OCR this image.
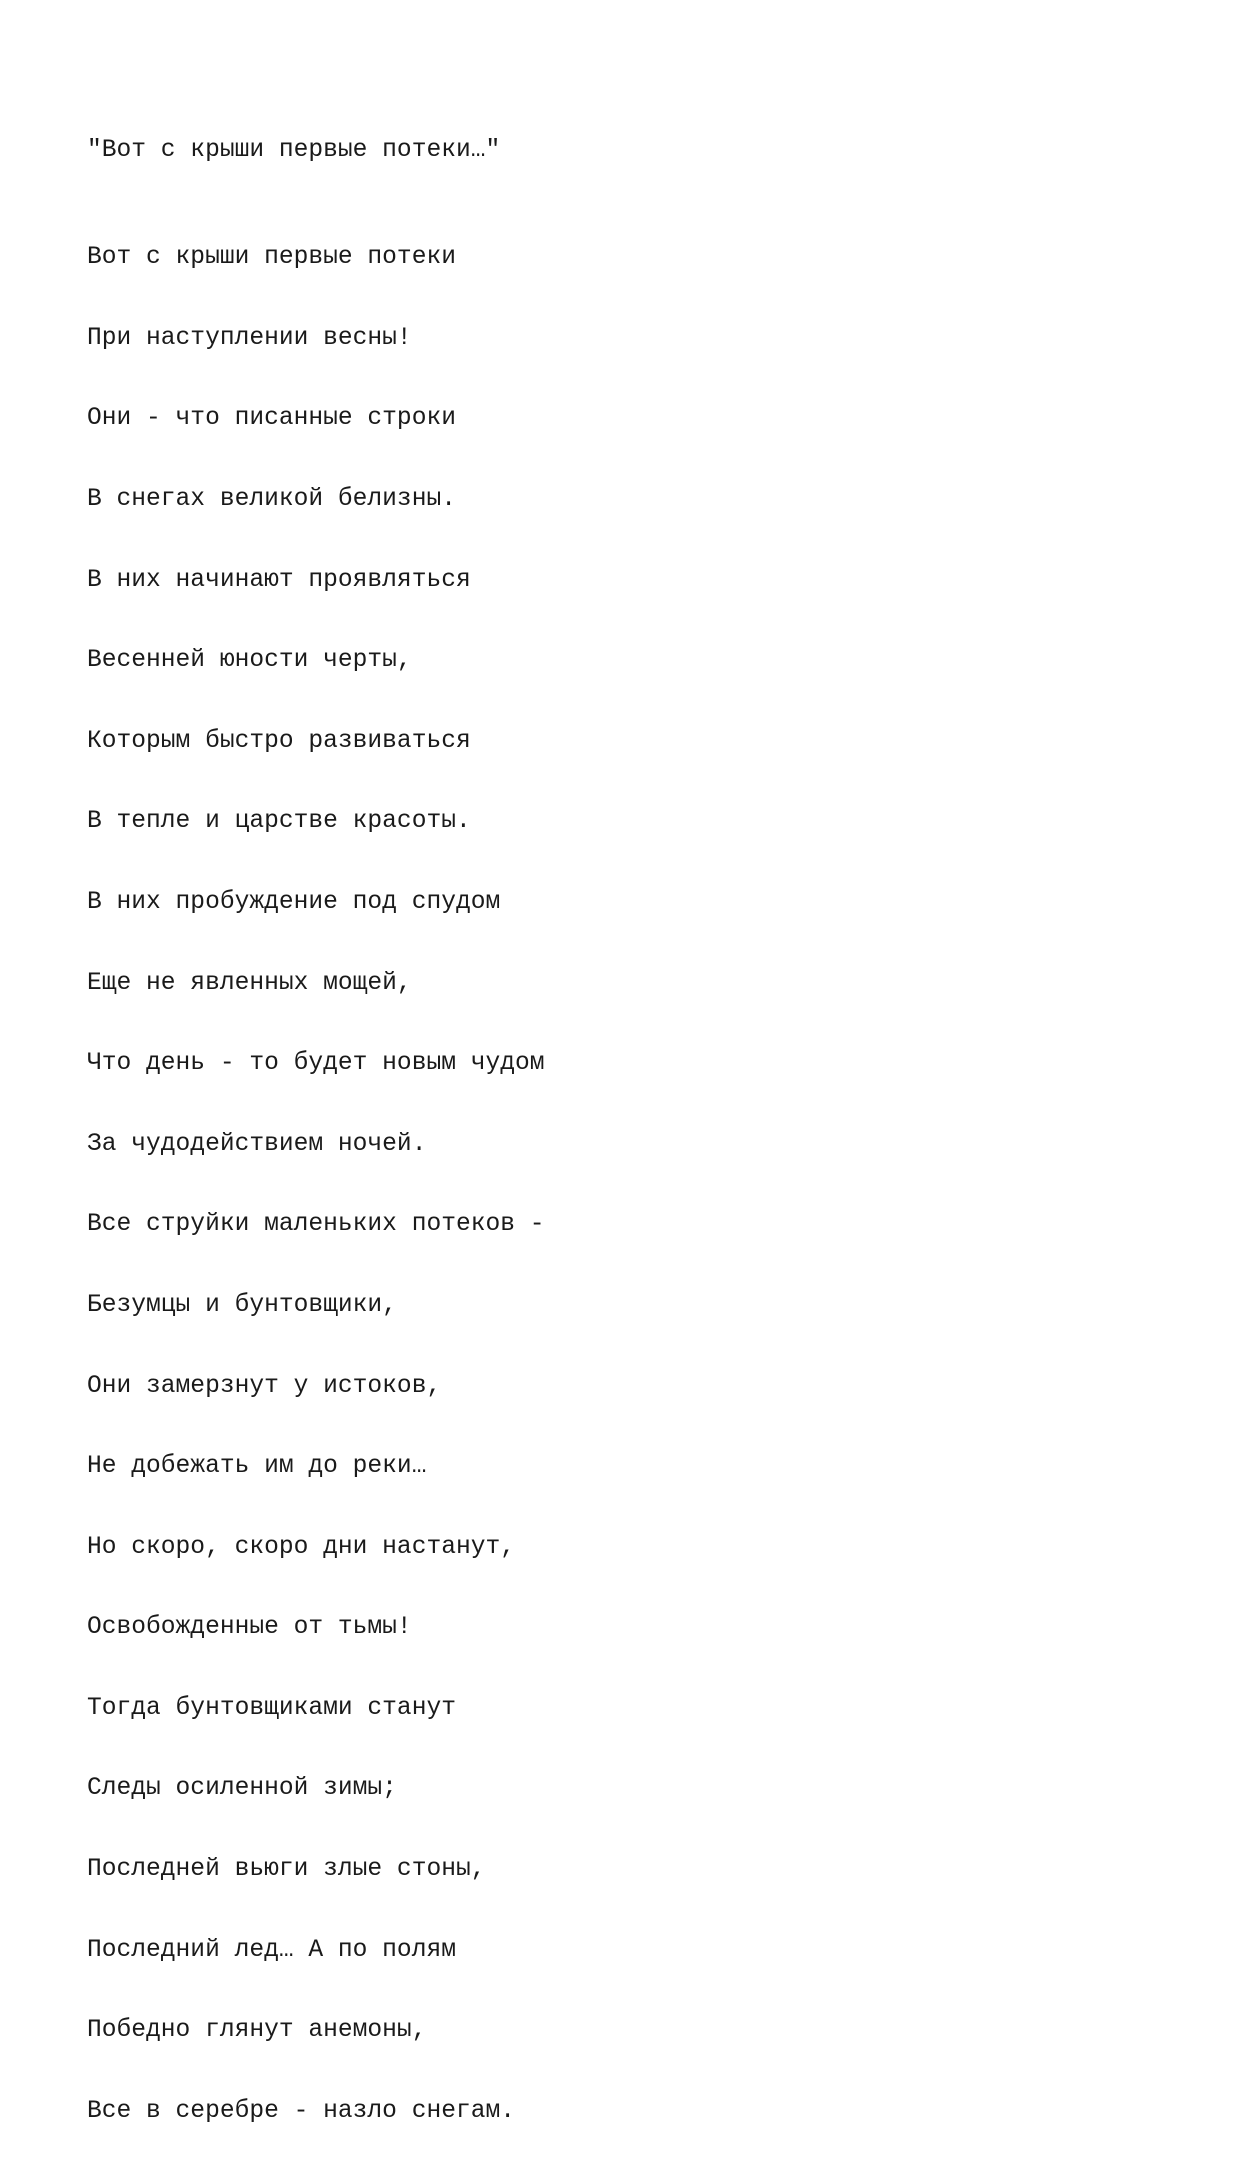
"Вот с крыши первые потеки…"

Вот с крыши первые потеки

При наступлении весны!

Они - что писанные строки

В снегах великой белизны.

В них начинают проявляться

Весенней юности черты,

Которым быстро развиваться

В тепле и царстве красоты.

В них пробуждение под спудом

Еще не явленных мощей,

Что день - то будет новым чудом

За чудодействием ночей.

Все струйки маленьких потеков -

Безумцы и бунтовщики,

Они замерзнут у истоков,

Не добежать им до реки…

Но скоро, скоро дни настанут,

Освобожденные от тьмы!

Тогда бунтовщиками станут

Следы осиленной зимы;

Последней вьюги злые стоны,

Последний лед… А по полям

Победно глянут анемоны,

Все в серебре - назло снегам.
